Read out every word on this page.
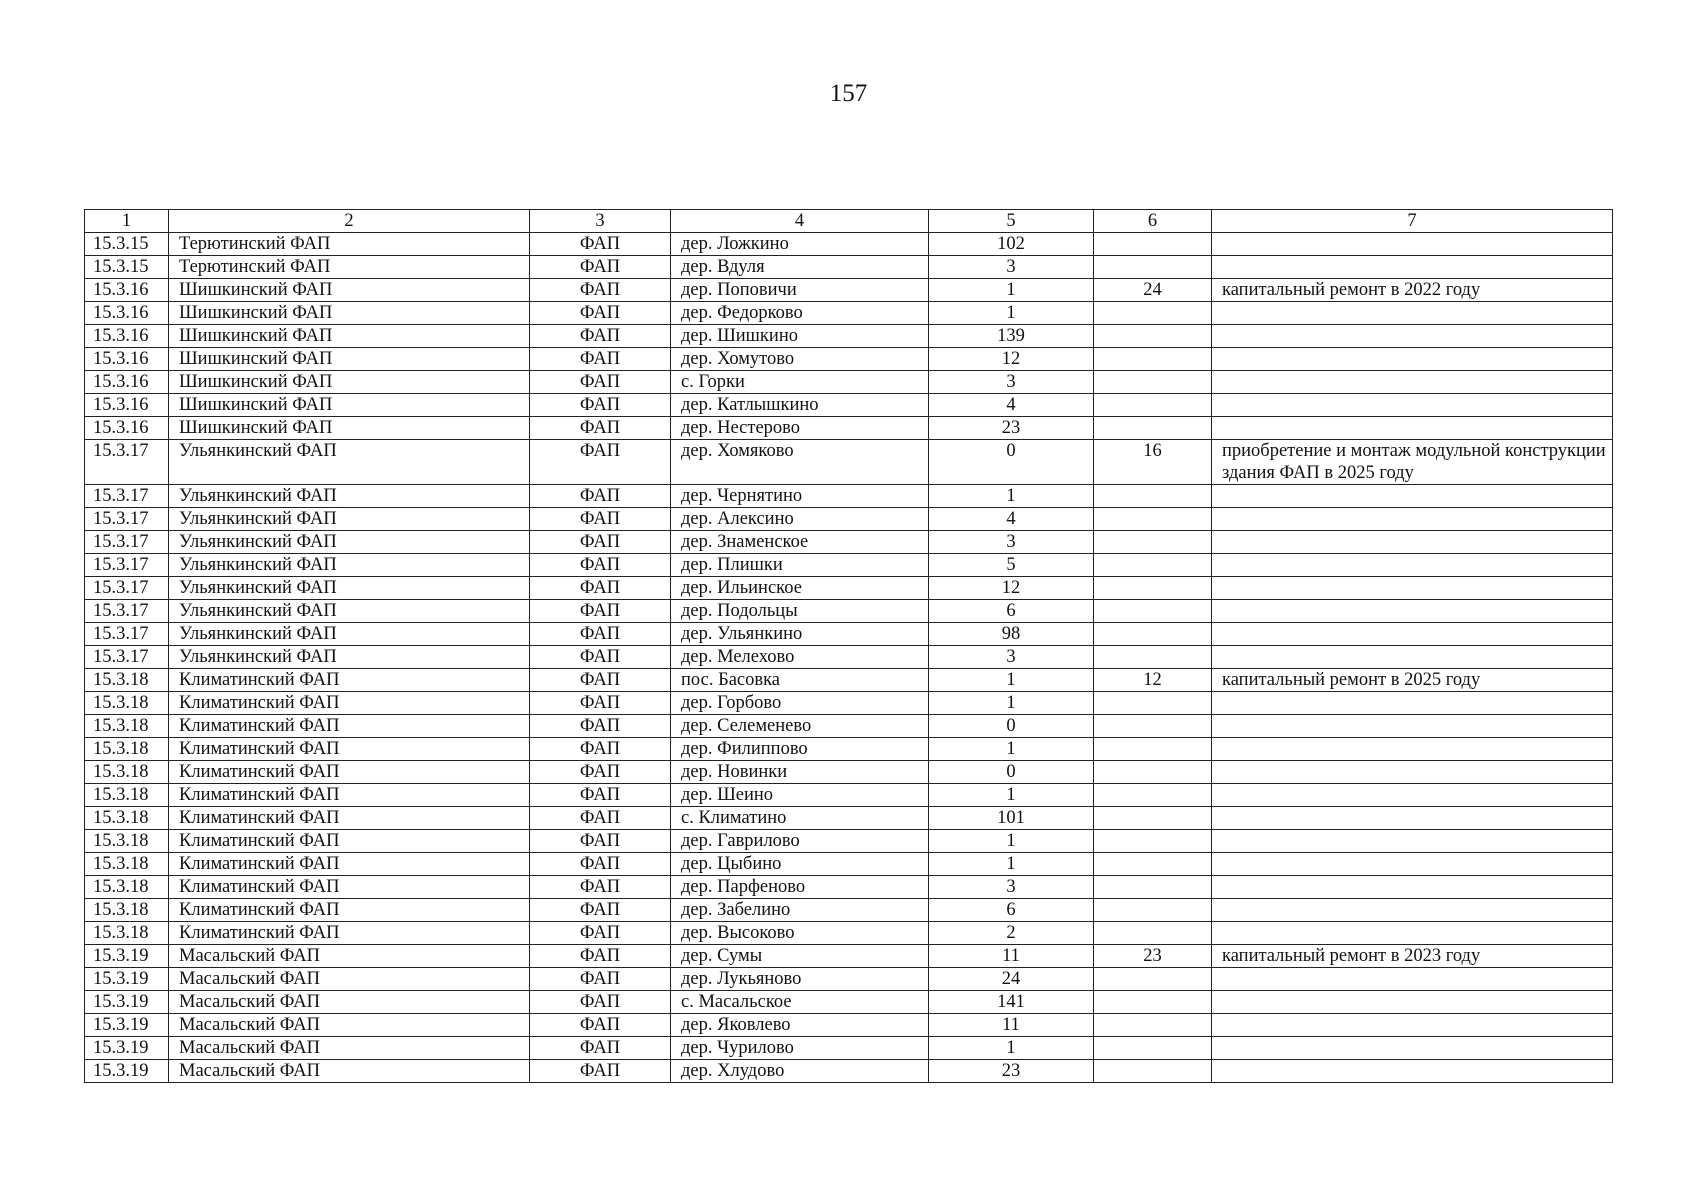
157
1	2	3	4	5	6	7
15.3.15	Терютинский ФАП	ФАП	дер. Ложкино	102		
15.3.15	Терютинский ФАП	ФАП	дер. Вдуля	3		
15.3.16	Шишкинский ФАП	ФАП	дер. Поповичи	1	24	капитальный ремонт в 2022 году
15.3.16	Шишкинский ФАП	ФАП	дер. Федорково	1		
15.3.16	Шишкинский ФАП	ФАП	дер. Шишкино	139		
15.3.16	Шишкинский ФАП	ФАП	дер. Хомутово	12		
15.3.16	Шишкинский ФАП	ФАП	с. Горки	3		
15.3.16	Шишкинский ФАП	ФАП	дер. Катлышкино	4		
15.3.16	Шишкинский ФАП	ФАП	дер. Нестерово	23		
15.3.17	Ульянкинский ФАП	ФАП	дер. Хомяково	0	16	приобретение и монтаж модульной конструкции здания ФАП в 2025 году
15.3.17	Ульянкинский ФАП	ФАП	дер. Чернятино	1		
15.3.17	Ульянкинский ФАП	ФАП	дер. Алексино	4		
15.3.17	Ульянкинский ФАП	ФАП	дер. Знаменское	3		
15.3.17	Ульянкинский ФАП	ФАП	дер. Плишки	5		
15.3.17	Ульянкинский ФАП	ФАП	дер. Ильинское	12		
15.3.17	Ульянкинский ФАП	ФАП	дер. Подольцы	6		
15.3.17	Ульянкинский ФАП	ФАП	дер. Ульянкино	98		
15.3.17	Ульянкинский ФАП	ФАП	дер. Мелехово	3		
15.3.18	Климатинский ФАП	ФАП	пос. Басовка	1	12	капитальный ремонт в 2025 году
15.3.18	Климатинский ФАП	ФАП	дер. Горбово	1		
15.3.18	Климатинский ФАП	ФАП	дер. Селеменево	0		
15.3.18	Климатинский ФАП	ФАП	дер. Филиппово	1		
15.3.18	Климатинский ФАП	ФАП	дер. Новинки	0		
15.3.18	Климатинский ФАП	ФАП	дер. Шеино	1		
15.3.18	Климатинский ФАП	ФАП	с. Климатино	101		
15.3.18	Климатинский ФАП	ФАП	дер. Гаврилово	1		
15.3.18	Климатинский ФАП	ФАП	дер. Цыбино	1		
15.3.18	Климатинский ФАП	ФАП	дер. Парфеново	3		
15.3.18	Климатинский ФАП	ФАП	дер. Забелино	6		
15.3.18	Климатинский ФАП	ФАП	дер. Высоково	2		
15.3.19	Масальский ФАП	ФАП	дер. Сумы	11	23	капитальный ремонт в 2023 году
15.3.19	Масальский ФАП	ФАП	дер. Лукьяново	24		
15.3.19	Масальский ФАП	ФАП	с. Масальское	141		
15.3.19	Масальский ФАП	ФАП	дер. Яковлево	11		
15.3.19	Масальский ФАП	ФАП	дер. Чурилово	1		
15.3.19	Масальский ФАП	ФАП	дер. Хлудово	23		
